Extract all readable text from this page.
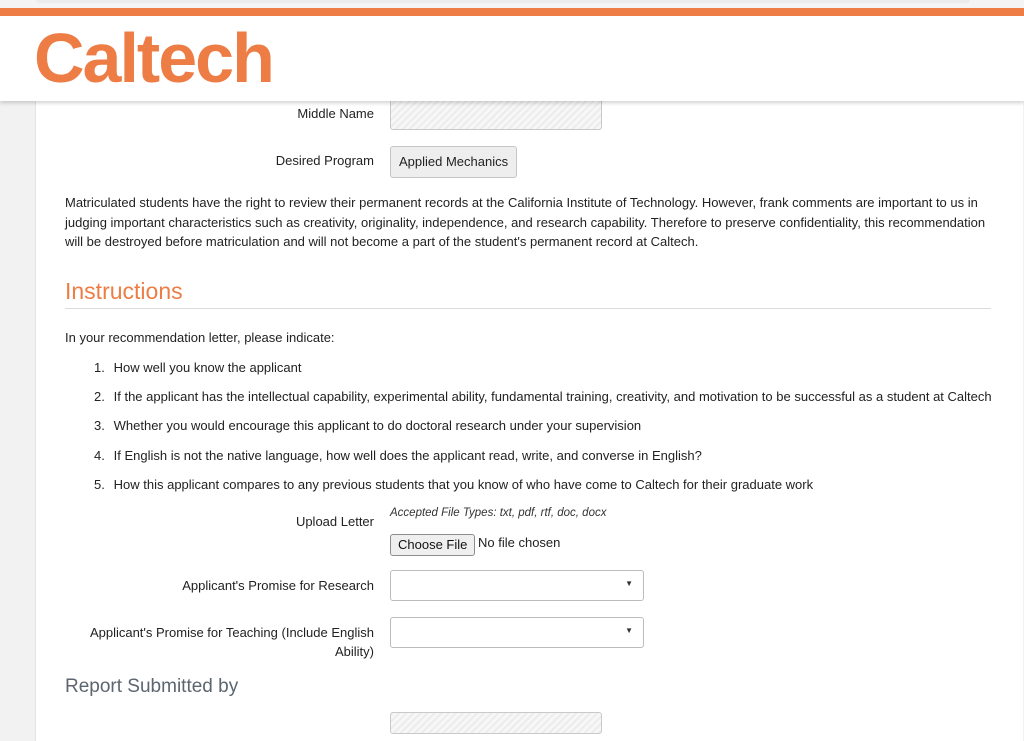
Caltech
Middle Name
Desired Program	Applied Mechanics
Matriculated students have the right to review their permanent records at the California Institute of Technology. However, frank comments are important to us in judging important characteristics such as creativity, originality, independence, and research capability. Therefore to preserve confidentiality, this recommendation will be destroyed before matriculation and will not become a part of the student's permanent record at Caltech.
Instructions
In your recommendation letter, please indicate:
1. How well you know the applicant
2. If the applicant has the intellectual capability, experimental ability, fundamental training, creativity, and motivation to be successful as a student at Caltech
3. Whether you would encourage this applicant to do doctoral research under your supervision
4. If English is not the native language, how well does the applicant read, write, and converse in English?
5. How this applicant compares to any previous students that you know of who have come to Caltech for their graduate work
Upload Letter
Accepted File Types: txt, pdf, rtf, doc, docx
Choose File No file chosen
Applicant's Promise for Research	▼
Applicant's Promise for Teaching (Include English
Ability)
▼
Report Submitted by
